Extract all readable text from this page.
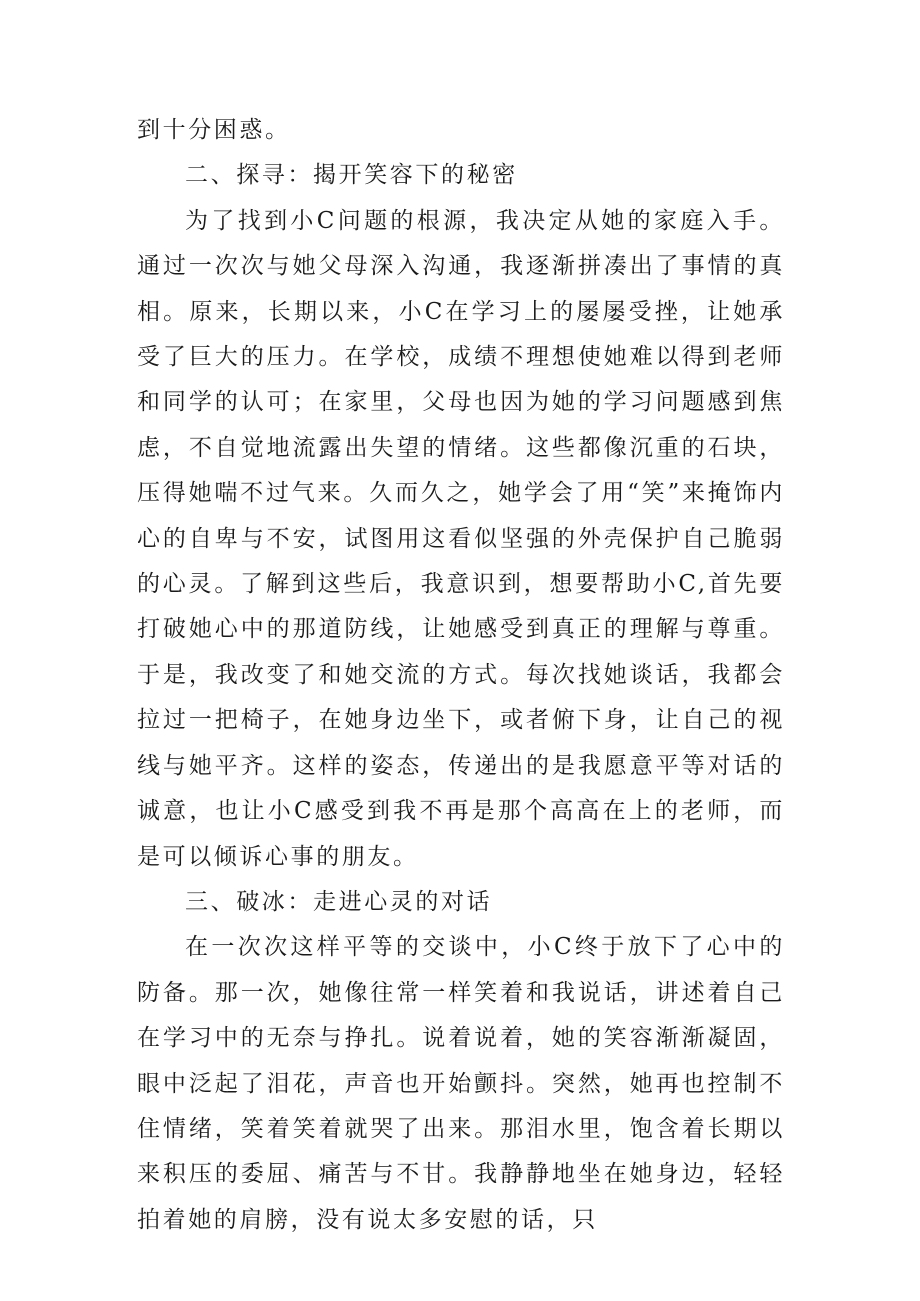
到十分困惑。

二、探寻：揭开笑容下的秘密

为了找到小C问题的根源，我决定从她的家庭入手。通过一次次与她父母深入沟通，我逐渐拼凑出了事情的真相。原来，长期以来，小C在学习上的屡屡受挫，让她承受了巨大的压力。在学校，成绩不理想使她难以得到老师和同学的认可；在家里，父母也因为她的学习问题感到焦虑，不自觉地流露出失望的情绪。这些都像沉重的石块，压得她喘不过气来。久而久之，她学会了用“笑”来掩饰内心的自卑与不安，试图用这看似坚强的外壳保护自己脆弱的心灵。了解到这些后，我意识到，想要帮助小C,首先要打破她心中的那道防线，让她感受到真正的理解与尊重。于是，我改变了和她交流的方式。每次找她谈话，我都会拉过一把椅子，在她身边坐下，或者俯下身，让自己的视线与她平齐。这样的姿态，传递出的是我愿意平等对话的诚意，也让小C感受到我不再是那个高高在上的老师，而是可以倾诉心事的朋友。

三、破冰：走进心灵的对话

在一次次这样平等的交谈中，小C终于放下了心中的防备。那一次，她像往常一样笑着和我说话，讲述着自己在学习中的无奈与挣扎。说着说着，她的笑容渐渐凝固，眼中泛起了泪花，声音也开始颤抖。突然，她再也控制不住情绪，笑着笑着就哭了出来。那泪水里，饱含着长期以来积压的委屈、痛苦与不甘。我静静地坐在她身边，轻轻拍着她的肩膀，没有说太多安慰的话，只
